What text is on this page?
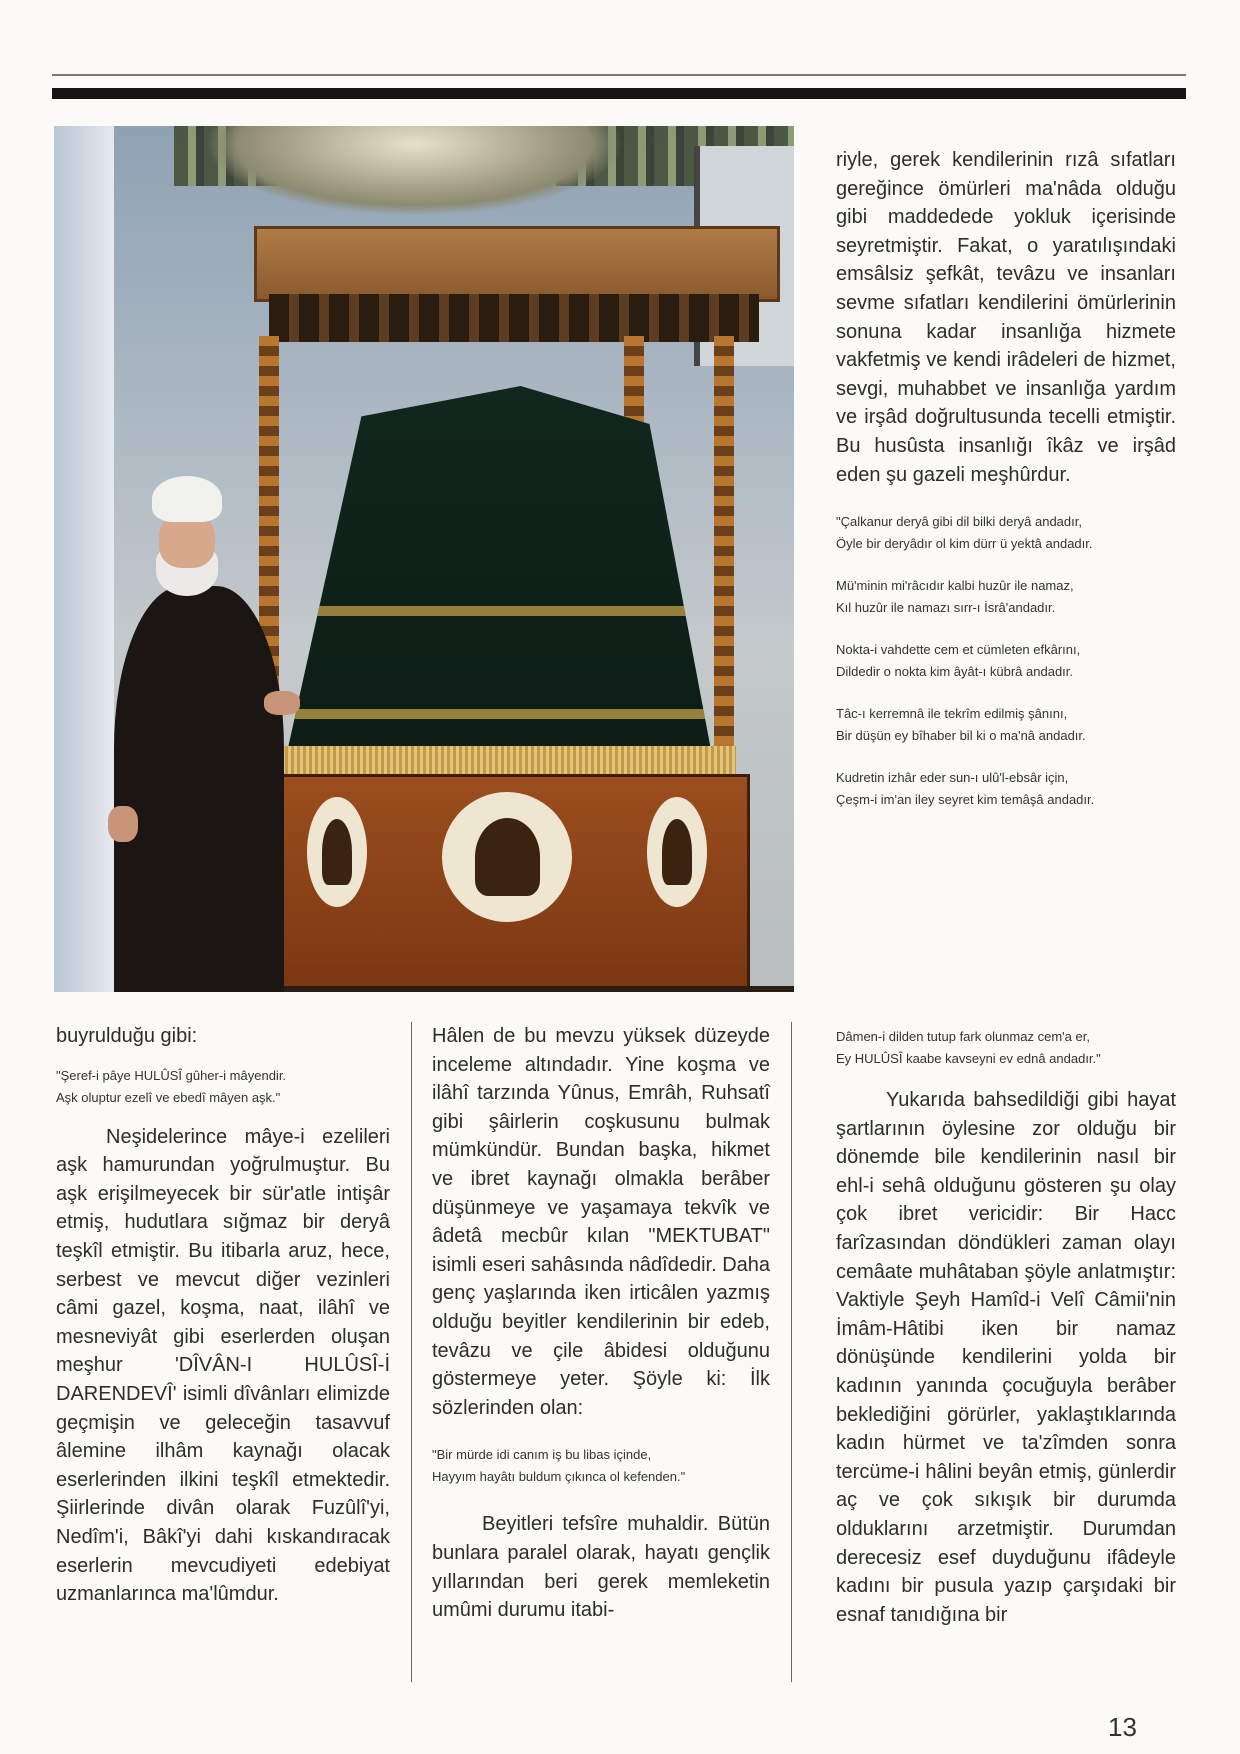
riyle, gerek kendilerinin rızâ sıfatları gereğince ömürleri ma'nâda olduğu gibi maddedede yokluk içerisinde seyretmiştir. Fakat, o yaratılışındaki emsâlsiz şefkât, tevâzu ve insanları sevme sıfatları kendilerini ömürlerinin sonuna kadar insanlığa hizmete vakfetmiş ve kendi irâdeleri de hizmet, sevgi, muhabbet ve insanlığa yardım ve irşâd doğrultusunda tecelli etmiştir. Bu husûsta insanlığı îkâz ve irşâd eden şu gazeli meşhûrdur.

"Çalkanur deryâ gibi dil bilki deryâ andadır,

Öyle bir deryâdır ol kim dürr ü yektâ andadır.

Mü'minin mi'râcıdır kalbi huzûr ile namaz,

Kıl huzûr ile namazı sırr-ı İsrâ'andadır.

Nokta-i vahdette cem et cümleten efkârını,

Dildedir o nokta kim âyât-ı kübrâ andadır.

Tâc-ı kerremnâ ile tekrîm edilmiş şânını,

Bir düşün ey bîhaber bil ki o ma'nâ andadır.

Kudretin izhâr eder sun-ı ulû'l-ebsâr için,

Çeşm-i im'an iley seyret kim temâşâ andadır.

buyrulduğu gibi:

"Şeref-i pâye HULÛSÎ gûher-i mâyendir.

Aşk oluptur ezelî ve ebedî mâyen aşk."

Neşidelerince mâye-i ezelileri aşk hamurundan yoğrulmuştur. Bu aşk erişilmeyecek bir sür'atle intişâr etmiş, hudutlara sığmaz bir deryâ teşkîl etmiştir. Bu itibarla aruz, hece, serbest ve mevcut diğer vezinleri câmi gazel, koşma, naat, ilâhî ve mesneviyât gibi eserlerden oluşan meşhur 'DÎVÂN-I HULÛSÎ-İ DARENDEVÎ' isimli dîvânları elimizde geçmişin ve geleceğin tasavvuf âlemine ilhâm kaynağı olacak eserlerinden ilkini teşkîl etmektedir. Şiirlerinde divân olarak Fuzûlî'yi, Nedîm'i, Bâkî'yi dahi kıskandıracak eserlerin mevcudiyeti edebiyat uzmanlarınca ma'lûmdur.

Hâlen de bu mevzu yüksek düzeyde inceleme altındadır. Yine koşma ve ilâhî tarzında Yûnus, Emrâh, Ruhsatî gibi şâirlerin coşkusunu bulmak mümkündür. Bundan başka, hikmet ve ibret kaynağı olmakla berâber düşünmeye ve yaşamaya tekvîk ve âdetâ mecbûr kılan "MEKTUBAT" isimli eseri sahâsında nâdîdedir. Daha genç yaşlarında iken irticâlen yazmış olduğu beyitler kendilerinin bir edeb, tevâzu ve çile âbidesi olduğunu göstermeye yeter. Şöyle ki: İlk sözlerinden olan:

"Bir mürde idi canım iş bu libas içinde,

Hayyım hayâtı buldum çıkınca ol kefenden."

Beyitleri tefsîre muhaldir. Bütün bunlara paralel olarak, hayatı gençlik yıllarından beri gerek memleketin umûmi durumu itabi-

Dâmen-i dilden tutup fark olunmaz cem'a er,

Ey HULÛSÎ kaabe kavseyni ev ednâ andadır."

Yukarıda bahsedildiği gibi hayat şartlarının öylesine zor olduğu bir dönemde bile kendilerinin nasıl bir ehl-i sehâ olduğunu gösteren şu olay çok ibret vericidir: Bir Hacc farîzasından döndükleri zaman olayı cemâate muhâtaban şöyle anlatmıştır: Vaktiyle Şeyh Hamîd-i Velî Câmii'nin İmâm-Hâtibi iken bir namaz dönüşünde kendilerini yolda bir kadının yanında çocuğuyla berâber beklediğini görürler, yaklaştıklarında kadın hürmet ve ta'zîmden sonra tercüme-i hâlini beyân etmiş, günlerdir aç ve çok sıkışık bir durumda olduklarını arzetmiştir. Durumdan derecesiz esef duyduğunu ifâdeyle kadını bir pusula yazıp çarşıdaki bir esnaf tanıdığına bir

13
